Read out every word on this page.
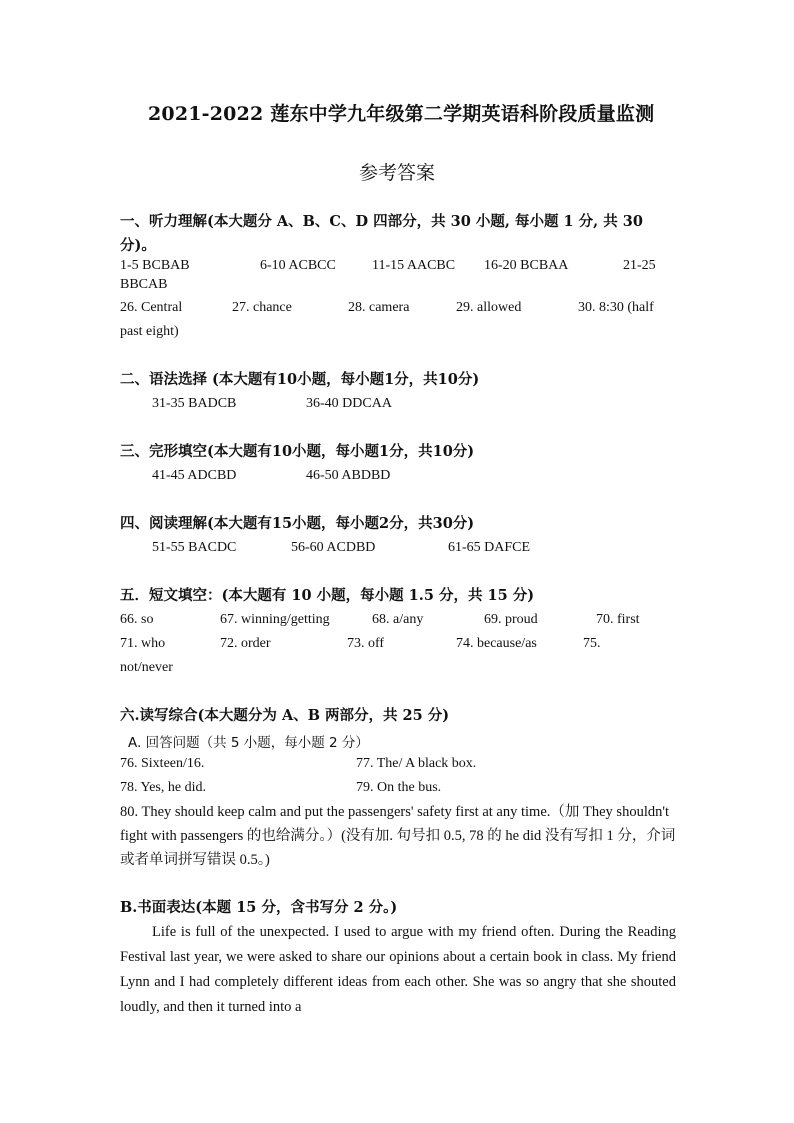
2021-2022 莲东中学九年级第二学期英语科阶段质量监测
参考答案
一、听力理解(本大题分 A、B、C、D 四部分，共 30 小题, 每小题 1 分, 共 30 分)。
1-5 BCBAB	6-10 ACBCC	11-15 AACBC 16-20 BCBAA	21-25
BBCAB
26. Central	27. chance	28. camera	29. allowed	30. 8:30 (half
past eight)
二、语法选择 (本大题有10小题，每小题1分，共10分)
31-35 BADCB	36-40 DDCAA
三、完形填空(本大题有10小题，每小题1分，共10分)
41-45 ADCBD	46-50 ABDBD
四、阅读理解(本大题有15小题，每小题2分，共30分)
51-55 BACDC	56-60 ACDBD	61-65 DAFCE
五．短文填空：(本大题有 10 小题，每小题 1.5 分，共 15 分)
66. so	67. winning/getting	68. a/any	69. proud	70. first
71. who	72. order	73. off	74. because/as	75.
not/never
六.读写综合(本大题分为 A、B 两部分，共 25 分)
A. 回答问题（共 5 小题，每小题 2 分）
76. Sixteen/16.	77. The/ A black box.
78. Yes, he did.	79. On the bus.
80. They should keep calm and put the passengers' safety first at any time.（加 They shouldn't fight with passengers 的也给满分。）(没有加. 句号扣 0.5, 78 的 he did 没有写扣 1 分，介词或者单词拼写错误 0.5。)
B.书面表达(本题 15 分，含书写分 2 分。)
Life is full of the unexpected. I used to argue with my friend often. During the Reading Festival last year, we were asked to share our opinions about a certain book in class. My friend Lynn and I had completely different ideas from each other. She was so angry that she shouted loudly, and then it turned into a
